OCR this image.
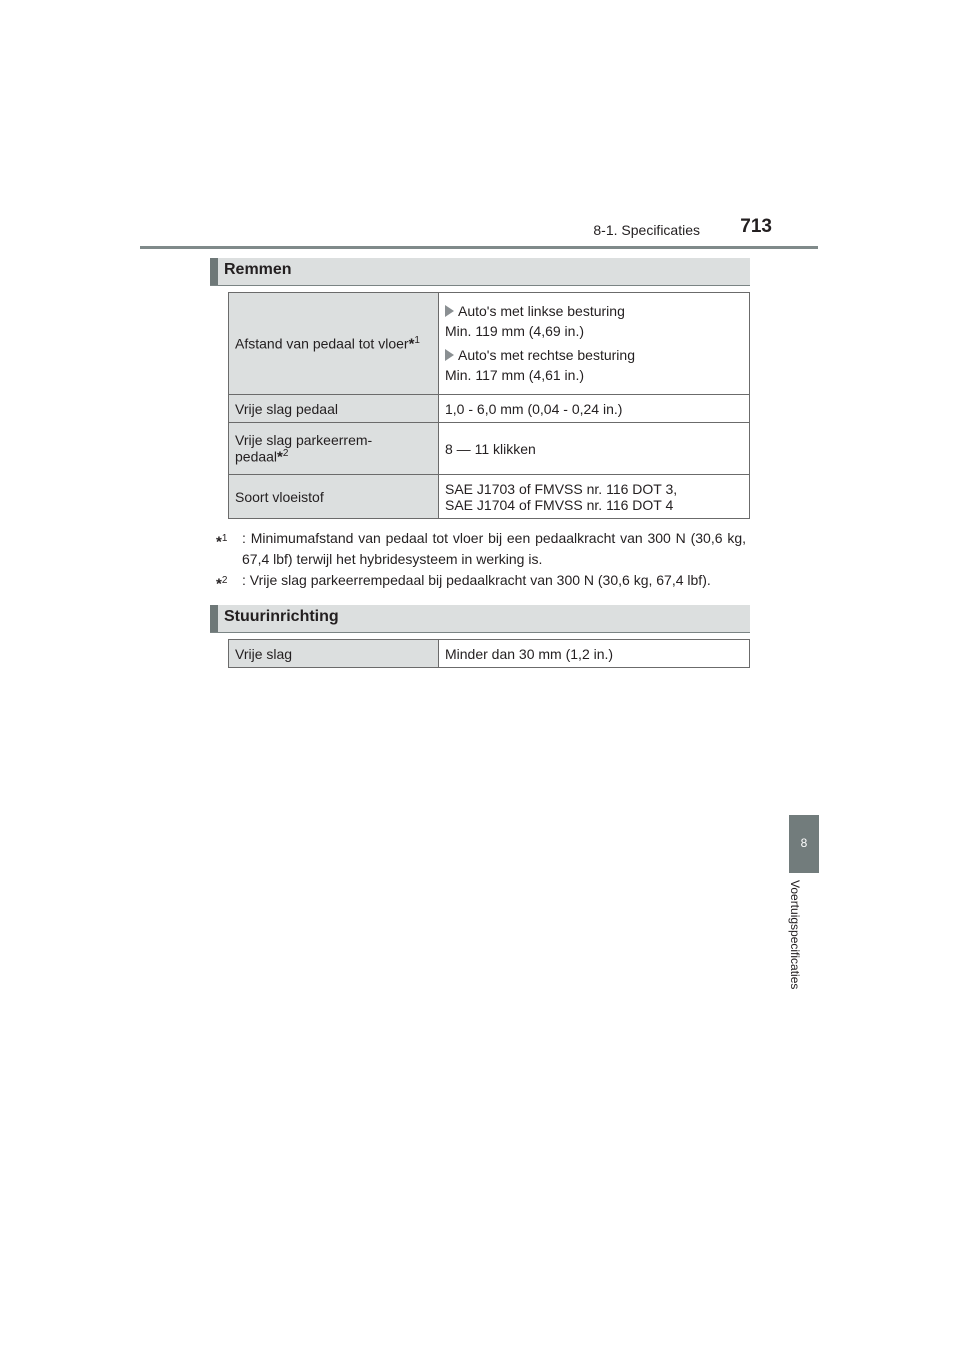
8-1. Specificaties 713
8
Voertuigspecificaties
Remmen
Afstand van pedaal tot vloer*$^1$	Auto's met linkse besturing
Min. 119 mm (4,69 in.)
Auto's met rechtse besturing
Min. 117 mm (4,61 in.)

Vrije slag pedaal	1,0 - 6,0 mm (0,04 - 0,24 in.)

Vrije slag parkeerrem-
pedaal*$^2$	8 — 11 klikken
Soort vloeistof	SAE J1703 of FMVSS nr. 116 DOT 3,
SAE J1704 of FMVSS nr. 116 DOT 4
*$^1$ : Minimumafstand van pedaal tot vloer bij een pedaalkracht van 300 N (30,6 kg, 67,4 lbf) terwijl het hybridesysteem in werking is.
*$^2$ : Vrije slag parkeerrempedaal bij pedaalkracht van 300 N (30,6 kg, 67,4 lbf).
Stuurinrichting
Vrije slag	Minder dan 30 mm (1,2 in.)
